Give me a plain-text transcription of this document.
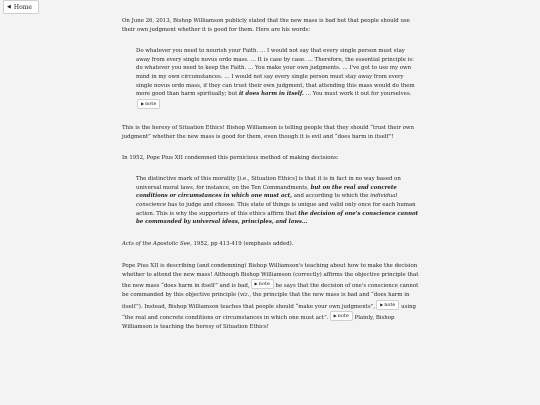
◀ Home

On June 26, 2013, Bishop Williamson publicly stated that the new mass is bad but that people should use their own judgment whether it is good for them. Here are his words:

Do whatever you need to nourish your Faith. … I would not say that every single person must stay away from every single novus ordo mass. … It is case by case. … Therefore, the essential principle is: do whatever you need to keep the Faith. … You make your own judgments. … I've got to use my own mind in my own circumstances. … I would not say every single person must stay away from every single novus ordo mass, if they can trust their own judgment, that attending this mass would do them more good than harm spiritually; but it does harm in itself. … You must work it out for yourselves.▶note

This is the heresy of Situation Ethics! Bishop Williamson is telling people that they should “trust their own judgment” whether the new mass is good for them, even though it is evil and “does harm in itself”!

In 1952, Pope Pius XII condemned this pernicious method of making decisions:

The distinctive mark of this morality [i.e., Situation Ethics] is that it is in fact in no way based on universal moral laws, for instance, on the Ten Commandments, but on the real and concrete conditions or circumstances in which one must act, and according to which the individual conscience has to judge and choose. This state of things is unique and valid only once for each human action. This is why the supporters of this ethics affirm that the decision of one's conscience cannot be commanded by universal ideas, principles, and laws...

Acts of the Apostolic See, 1952, pp 413-419 (emphasis added).

Pope Pius XII is describing (and condemning) Bishop Williamson's teaching about how to make the decision whether to attend the new mass! Although Bishop Williamson (correctly) affirms the objective principle that the new mass “does harm in itself” and is bad, ▶note he says that the decision of one's conscience cannot be commanded by this objective principle (viz., the principle that the new mass is bad and “does harm in itself”). Instead, Bishop Williamson teaches that people should “make your own judgments”, ▶note using “the real and concrete conditions or circumstances in which one must act”. ▶note Plainly, Bishop Williamson is teaching the heresy of Situation Ethics!
